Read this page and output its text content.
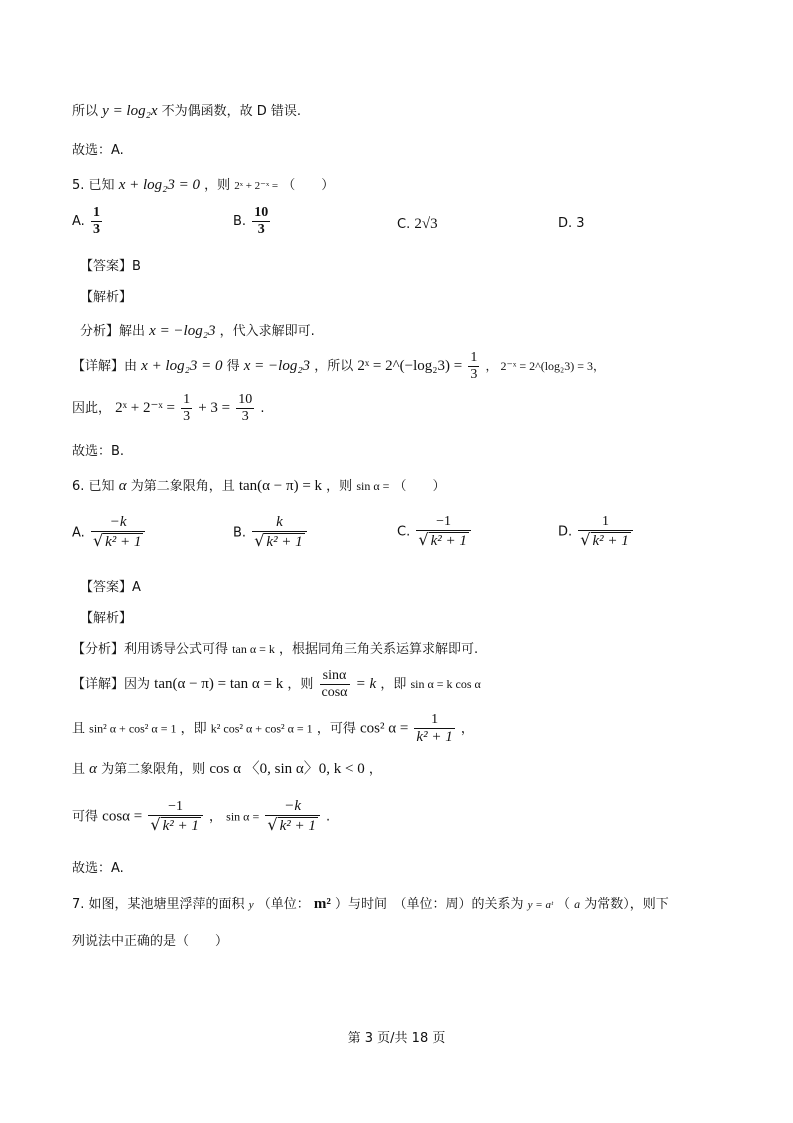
所以 y = log₂x 不为偶函数，故 D 错误.
故选：A.
5. 已知 x + log₂3 = 0 ，则 2ˣ + 2⁻ˣ = （　　）
A. $\frac{1}{3}$	B. $\frac{10}{3}$	C. 2√3	D. 3
【答案】B
【解析】
分析】解出 x = −log₂3 ，代入求解即可.
【详解】由 x + log₂3 = 0 得 x = −log₂3 ，所以 2ˣ = 2^(−log₂3) = $\frac{1}{3}$ ， 2⁻ˣ = 2^(log₂3) = 3，
因此， 2ˣ + 2⁻ˣ = $\frac{1}{3} + 3 = \frac{10}{3}$ .
故选：B.
6. 已知 α 为第二象限角，且 tan(α − π) = k ，则 sin α = （　　）
A. $\frac{-k}{\text{√ k² + 1}}$	B. $\frac{k}{\text{√ k² + 1}}$	C. $\frac{-1}{\text{√ k² + 1}}$	D. $\frac{1}{\text{√ k² + 1}}$
【答案】A
【解析】
【分析】利用诱导公式可得 tan α = k ，根据同角三角关系运算求解即可.
【详解】因为 tan(α − π) = tan α = k ，则 $\frac{\sin\alpha}{\cos\alpha} = k$ ，即 sin α = k cos α
且 sin² α + cos² α = 1 ，即 k² cos² α + cos² α = 1 ，可得 cos² $\alpha = \frac{1}{\text{k² + 1}}$ ，
且 α 为第二象限角，则 cos α 〈0, sin α〉0, k < 0 ，
可得 $\cos\alpha = \frac{-1}{\text{√ k² + 1}}$ ， $\sin \alpha = \frac{-k}{\text{√ k² + 1}}$ .
故选：A.
7. 如图，某池塘里浮萍的面积 y （单位： m² ）与时间　（单位：周）的关系为 y = aᵗ （ a 为常数），则下
列说法中正确的是（　　）
第 3 页/共 18 页
